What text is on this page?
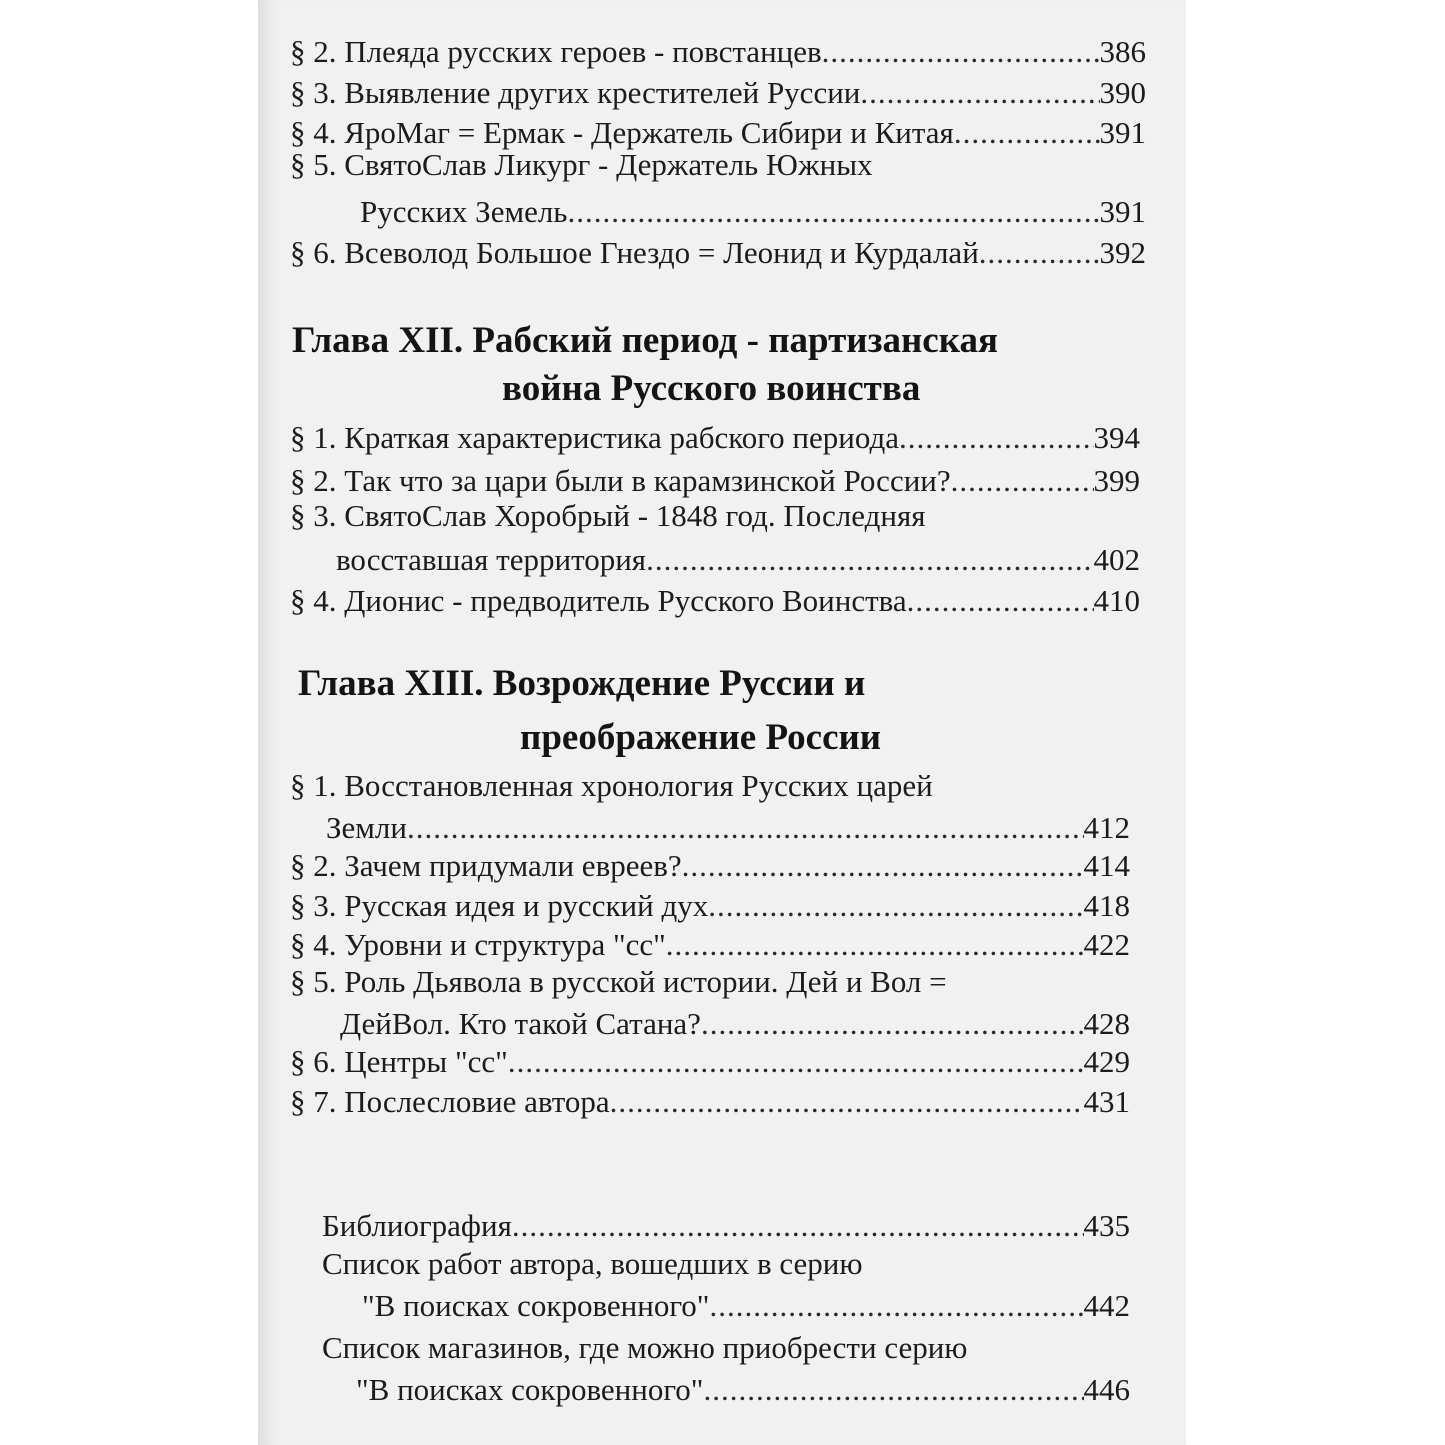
§ 2. Плеяда русских героев - повстанцев .....	386
§ 3. Выявление других крестителей Руссии .....	390
§ 4. ЯроМаг = Ермак - Держатель Сибири и Китая .....	391
§ 5. СвятоСлав Ликург - Держатель Южных
Русских Земель .....	391
§ 6. Всеволод Большое Гнездо = Леонид и Курдалай .....	392
Глава XII. Рабский период - партизанская
война Русского воинства
§ 1. Краткая характеристика рабского периода .....	394
§ 2. Так что за цари были в карамзинской России? .....	399
§ 3. СвятоСлав Хоробрый - 1848 год. Последняя
восставшая территория .....	402
§ 4. Дионис - предводитель Русского Воинства .....	410
Глава XIII. Возрождение Руссии и
преображение России
§ 1. Восстановленная хронология Русских царей
Земли .....	412
§ 2. Зачем придумали евреев? .....	414
§ 3. Русская идея и русский дух .....	418
§ 4. Уровни и структура "сс" .....	422
§ 5. Роль Дьявола в русской истории. Дей и Вол =
ДейВол. Кто такой Сатана? .....	428
§ 6. Центры "сс" .....	429
§ 7. Послесловие автора .....	431
Библиография .....	435
Список работ автора, вошедших в серию
"В поисках сокровенного" .....	442
Список магазинов, где можно приобрести серию
"В поисках сокровенного" .....	446
